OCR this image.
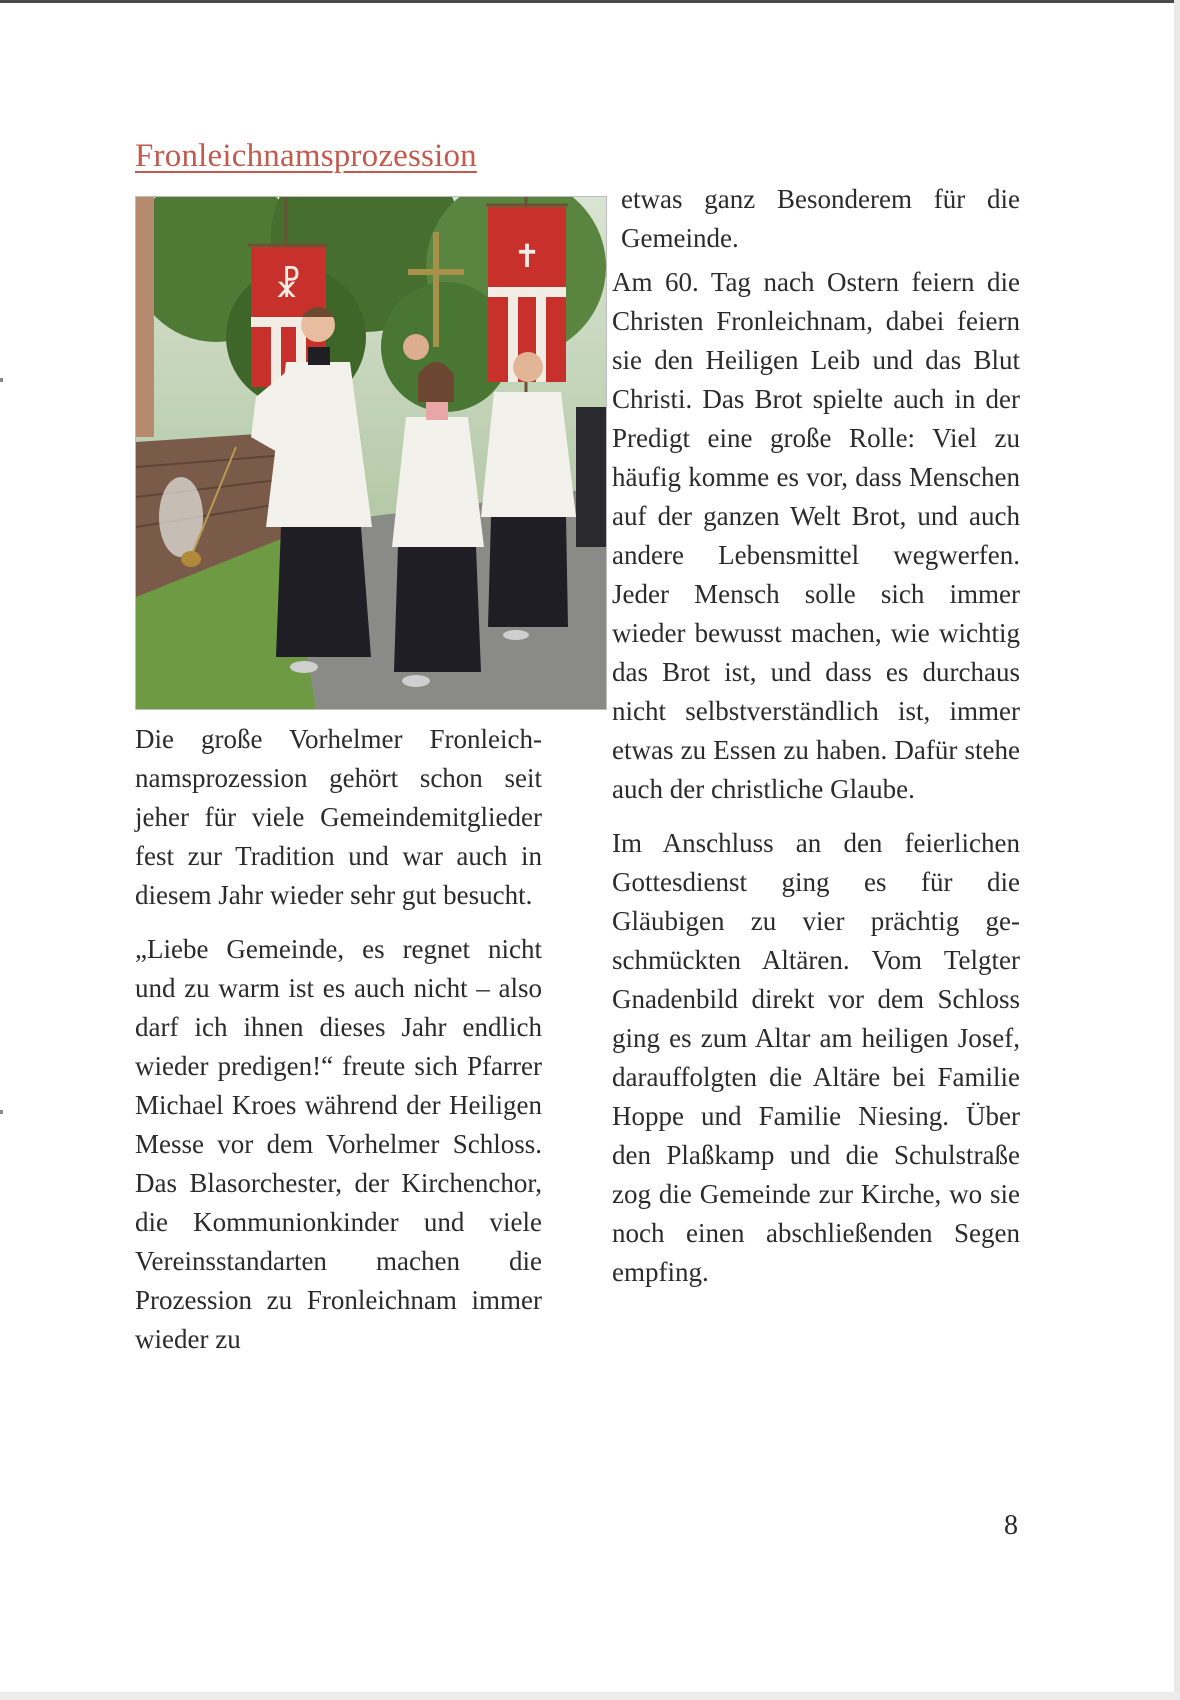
Fronleichnamsprozession
☧
✝

Die große Vorhelmer Fronleichnamsprozession gehört schon seit jeher für viele Gemeindemitglieder fest zur Tradition und war auch in diesem Jahr wieder sehr gut besucht.

„Liebe Gemeinde, es regnet nicht und zu warm ist es auch nicht – also darf ich ihnen dieses Jahr endlich wieder predigen!“ freute sich Pfarrer Michael Kroes während der Heiligen Messe vor dem Vorhelmer Schloss. Das Blasorchester, der Kirchenchor, die Kommunionkinder und viele Vereinsstandarten machen die Prozession zu Fronleichnam immer wieder zu

etwas ganz Besonderem für die Gemeinde.

Am 60. Tag nach Ostern feiern die Christen Fronleichnam, dabei feiern sie den Heiligen Leib und das Blut Christi. Das Brot spielte auch in der Predigt eine große Rolle: Viel zu häufig komme es vor, dass Menschen auf der ganzen Welt Brot, und auch andere Lebensmittel wegwerfen. Jeder Mensch solle sich immer wieder bewusst machen, wie wichtig das Brot ist, und dass es durchaus nicht selbstverständlich ist, immer etwas zu Essen zu haben. Dafür stehe auch der christliche Glaube.

Im Anschluss an den feierlichen Gottesdienst ging es für die Gläubigen zu vier prächtig geschmückten Altären. Vom Telgter Gnadenbild direkt vor dem Schloss ging es zum Altar am heiligen Josef, darauffolgten die Altäre bei Familie Hoppe und Familie Niesing. Über den Plaßkamp und die Schulstraße zog die Gemeinde zur Kirche, wo sie noch einen abschließenden Segen empfing.

8
